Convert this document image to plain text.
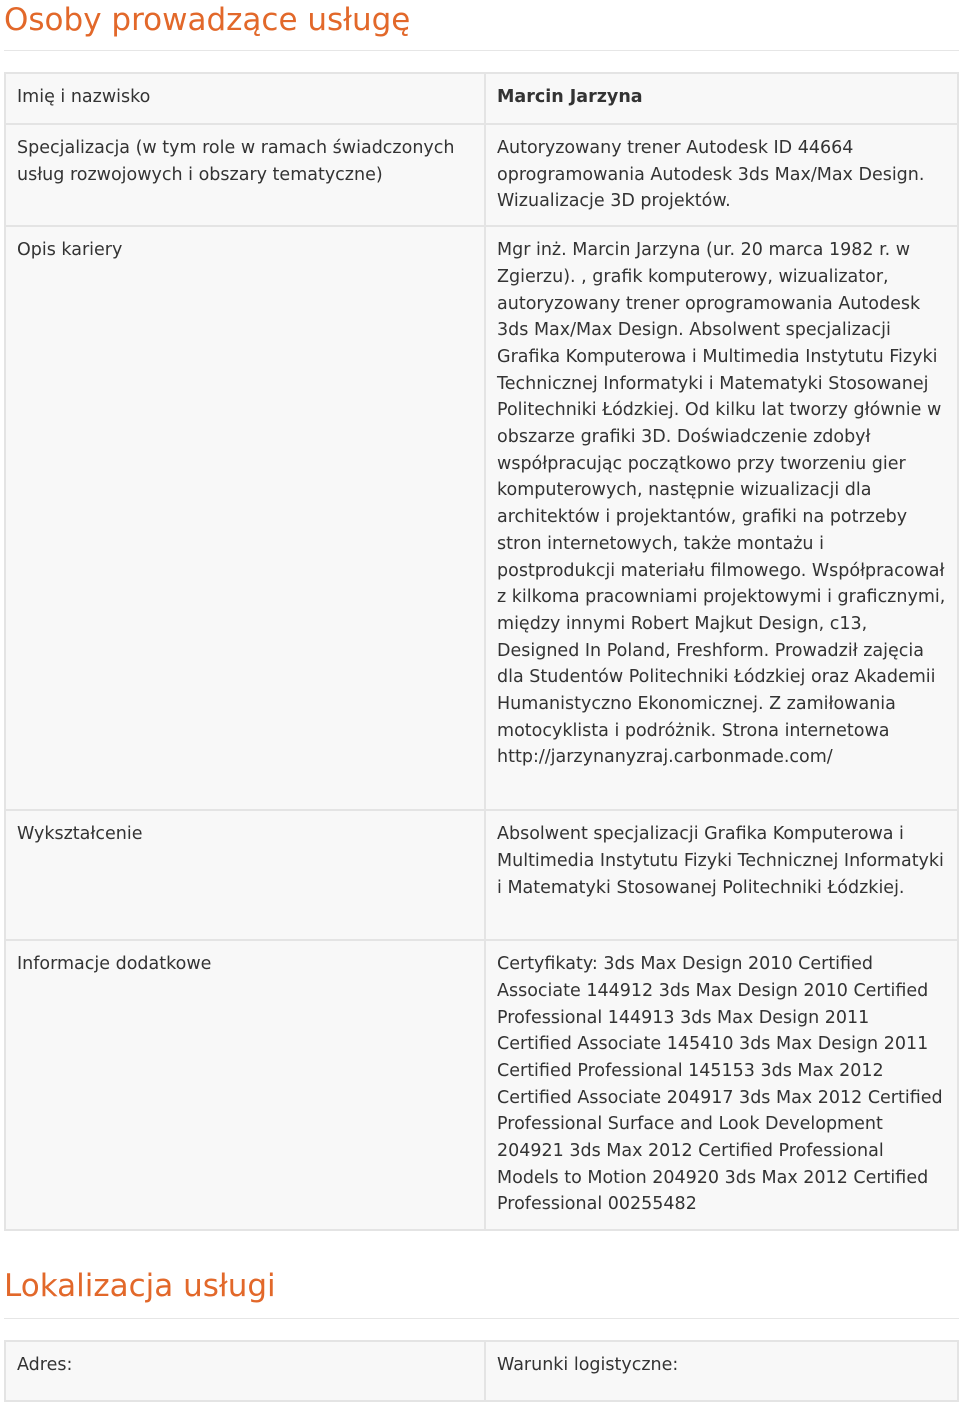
Osoby prowadzące usługę
Imię i nazwisko	Marcin Jarzyna
Specjalizacja (w tym role w ramach świadczonych usług rozwojowych i obszary tematyczne)	Autoryzowany trener Autodesk ID 44664 oprogramowania Autodesk 3ds Max/Max Design. Wizualizacje 3D projektów.
Opis kariery	Mgr inż. Marcin Jarzyna (ur. 20 marca 1982 r. w Zgierzu). , grafik komputerowy, wizualizator, autoryzowany trener oprogramowania Autodesk 3ds Max/Max Design. Absolwent specjalizacji Grafika Komputerowa i Multimedia Instytutu Fizyki Technicznej Informatyki i Matematyki Stosowanej Politechniki Łódzkiej. Od kilku lat tworzy głównie w obszarze grafiki 3D. Doświadczenie zdobył współpracując początkowo przy tworzeniu gier komputerowych, następnie wizualizacji dla architektów i projektantów, grafiki na potrzeby stron internetowych, także montażu i postprodukcji materiału filmowego. Współpracował z kilkoma pracowniami projektowymi i graficznymi, między innymi Robert Majkut Design, c13, Designed In Poland, Freshform. Prowadził zajęcia dla Studentów Politechniki Łódzkiej oraz Akademii Humanistyczno Ekonomicznej. Z zamiłowania motocyklista i podróżnik. Strona internetowa http://jarzynanyzraj.carbonmade.com/
Wykształcenie	Absolwent specjalizacji Grafika Komputerowa i Multimedia Instytutu Fizyki Technicznej Informatyki i Matematyki Stosowanej Politechniki Łódzkiej.
Informacje dodatkowe	Certyfikaty: 3ds Max Design 2010 Certified Associate 144912 3ds Max Design 2010 Certified Professional 144913 3ds Max Design 2011 Certified Associate 145410 3ds Max Design 2011 Certified Professional 145153 3ds Max 2012 Certified Associate 204917 3ds Max 2012 Certified Professional Surface and Look Development 204921 3ds Max 2012 Certified Professional Models to Motion 204920 3ds Max 2012 Certified Professional 00255482
Lokalizacja usługi
Adres:	Warunki logistyczne:
